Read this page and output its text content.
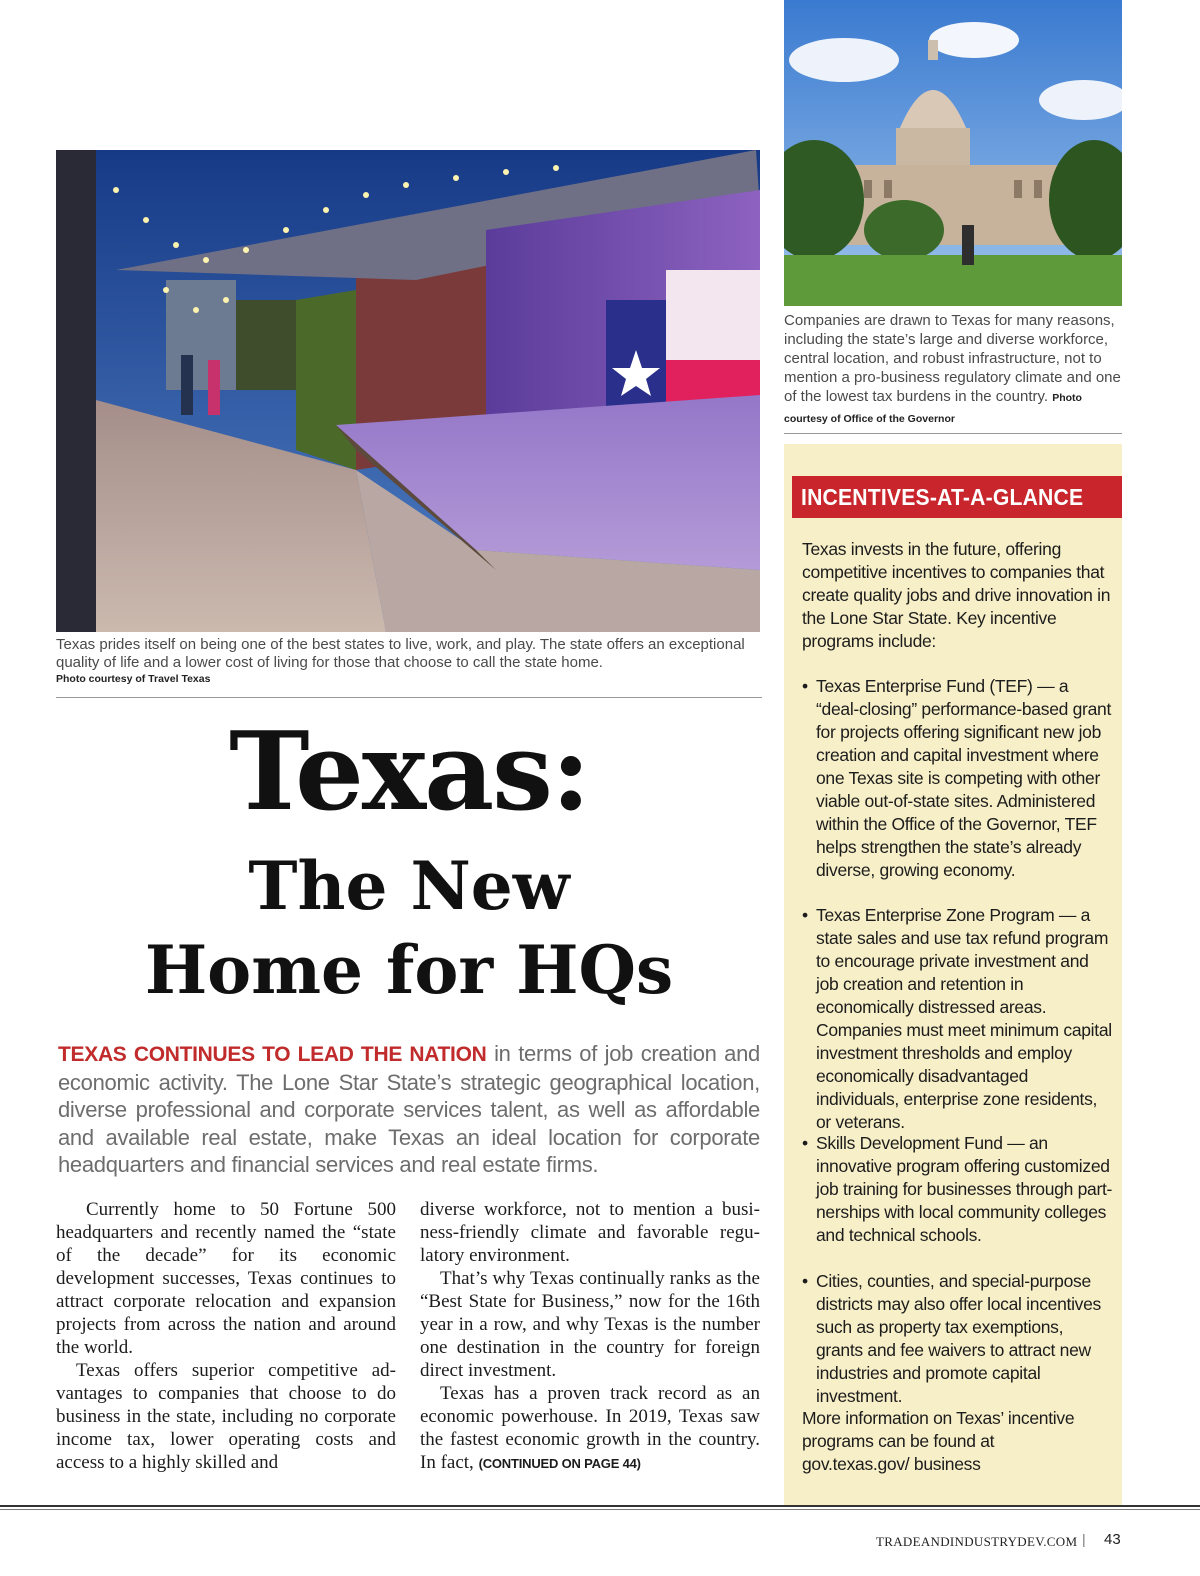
Texas prides itself on being one of the best states to live, work, and play. The state offers an exceptional quality of life and a lower cost of living for those that choose to call the state home.
Photo courtesy of Travel Texas
Texas:
The New
Home for HQs
TEXAS CONTINUES TO LEAD THE NATION in terms of job creation and economic activity. The Lone Star State’s strategic geographical location, diverse professional and corporate services talent, as well as affordable and available real estate, make Texas an ideal location for corporate headquarters and financial services and real estate firms.

Currently home to 50 Fortune 500 headquarters and recently named the “state of the decade” for its economic development successes, Texas continues to attract corporate relocation and expansion projects from across the nation and around the world.

Texas offers superior competitive advantages to companies that choose to do business in the state, including no corporate income tax, lower operating costs and access to a highly skilled and

diverse workforce, not to mention a business-friendly climate and favorable regulatory environment.

That’s why Texas continually ranks as the “Best State for Business,” now for the 16th year in a row, and why Texas is the number one destination in the country for foreign direct investment.

Texas has a proven track record as an economic powerhouse. In 2019, Texas saw the fastest economic growth in the country. In fact, (CONTINUED ON PAGE 44)

Companies are drawn to Texas for many reasons, including the state’s large and diverse workforce, central location, and robust infrastructure, not to mention a pro-business regulatory climate and one of the lowest tax burdens in the country. Photo courtesy of Office of the Governor
INCENTIVES-AT-A-GLANCE
Texas invests in the future, offering competitive incentives to companies that create quality jobs and drive innovation in the Lone Star State. Key incentive programs include:
• Texas Enterprise Fund (TEF) — a “deal-closing” performance-based grant for projects offering significant new job creation and capital investment where one Texas site is competing with other viable out-of-state sites. Administered within the Office of the Governor, TEF helps strengthen the state’s already diverse, growing economy.
• Texas Enterprise Zone Program — a state sales and use tax refund program to encourage private investment and job creation and retention in economically distressed areas. Companies must meet minimum capital investment thresholds and employ economically disadvantaged individuals, enterprise zone residents, or veterans.
• Skills Development Fund — an innovative program offering customized job training for businesses through partnerships with local community colleges and technical schools.
• Cities, counties, and special-purpose districts may also offer local incentives such as property tax exemptions, grants and fee waivers to attract new industries and promote capital investment.
More information on Texas’ incentive programs can be found at gov.texas.gov/ business
TRADEANDINDUSTRYDEV.COM | 43
